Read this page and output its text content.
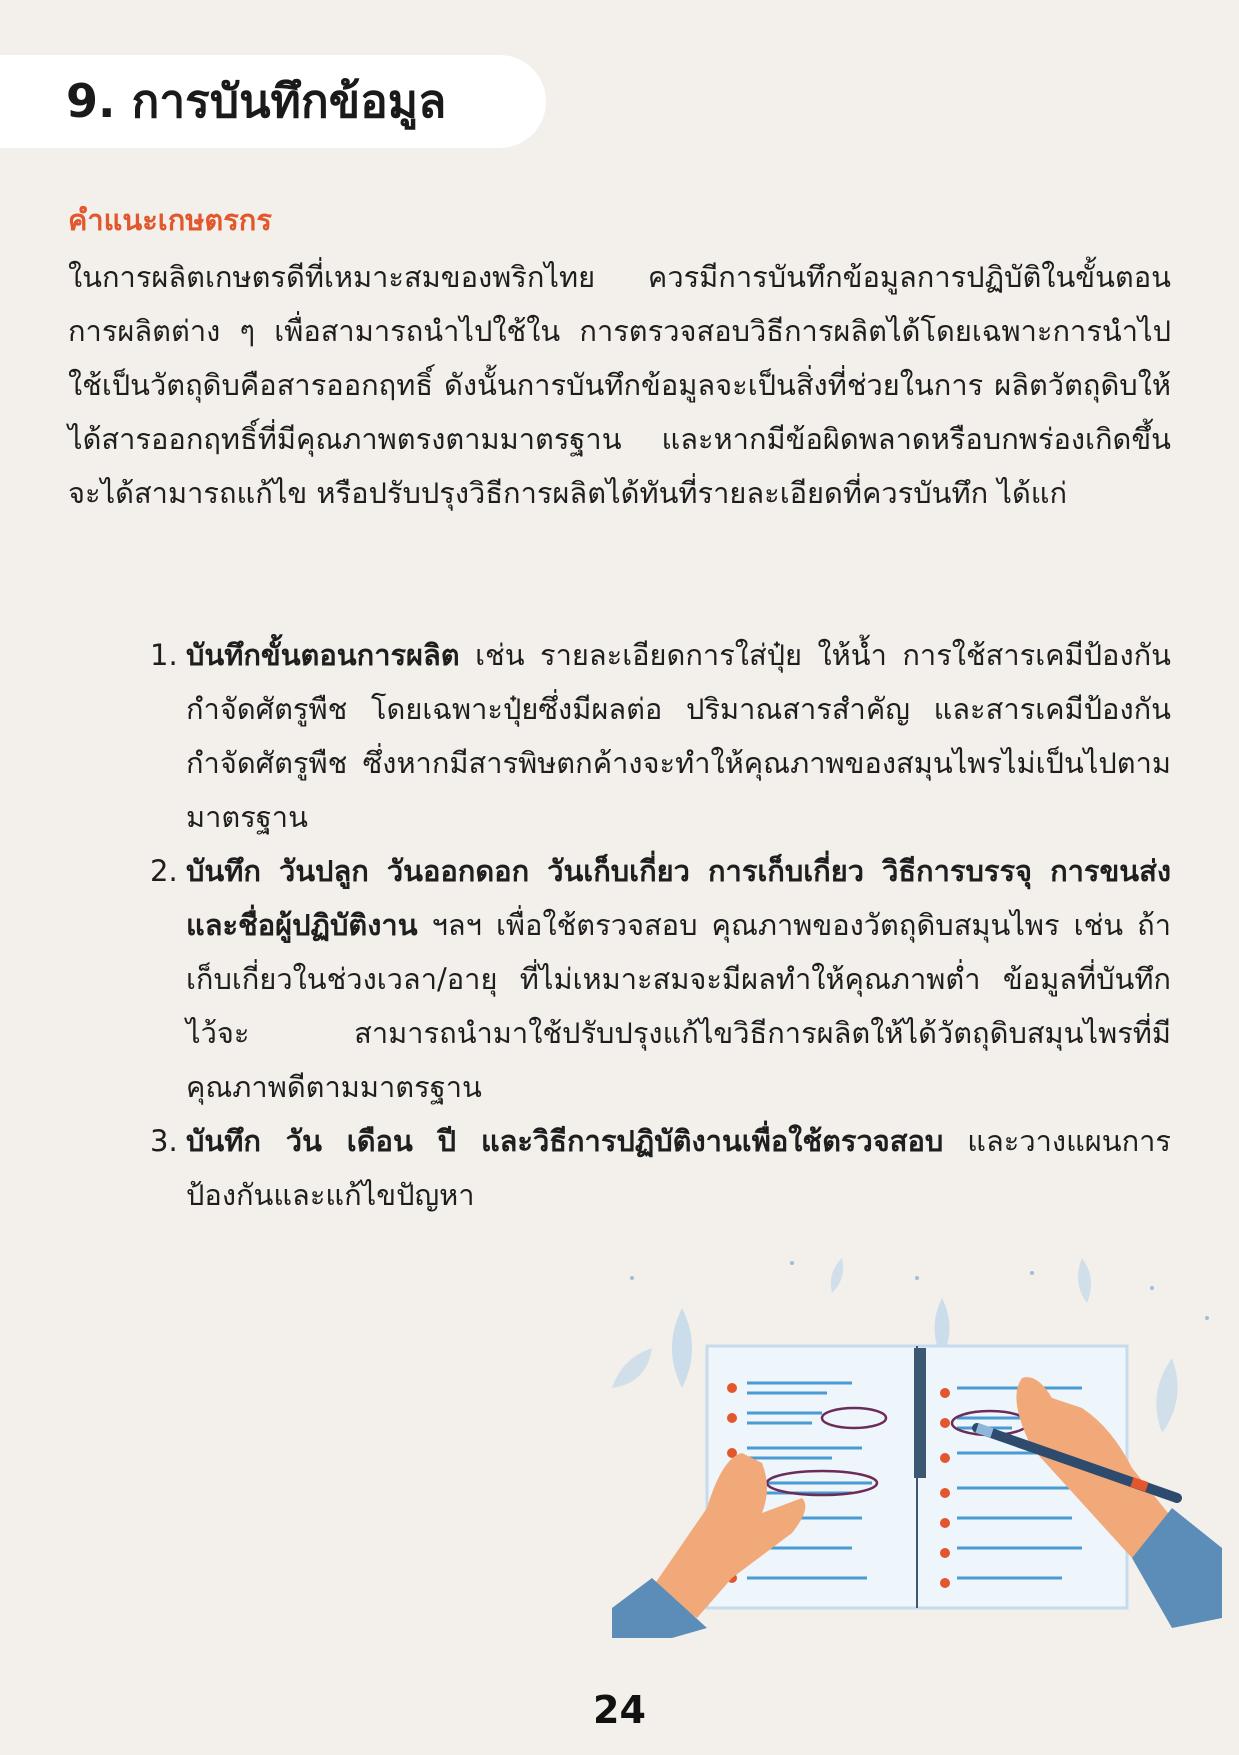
9. การบันทึกข้อมูล
คำแนะเกษตรกร

ในการผลิตเกษตรดีที่เหมาะสมของพริกไทย ควรมีการบันทึกข้อมูลการปฏิบัติในขั้นตอนการผลิตต่าง ๆ เพื่อสามารถนำไปใช้ใน การตรวจสอบวิธีการผลิตได้โดยเฉพาะการนำไปใช้เป็นวัตถุดิบคือสารออกฤทธิ์ ดังนั้นการบันทึกข้อมูลจะเป็นสิ่งที่ช่วยในการ ผลิตวัตถุดิบให้ได้สารออกฤทธิ์ที่มีคุณภาพตรงตามมาตรฐาน และหากมีข้อผิดพลาดหรือบกพร่องเกิดขึ้น จะได้สามารถแก้ไข หรือปรับปรุงวิธีการผลิตได้ทันที่รายละเอียดที่ควรบันทึก ได้แก่

1. บันทึกขั้นตอนการผลิต เช่น รายละเอียดการใส่ปุ๋ย ให้น้ำ การใช้สารเคมีป้องกันกำจัดศัตรูพืช โดยเฉพาะปุ๋ยซึ่งมีผลต่อ ปริมาณสารสำคัญ และสารเคมีป้องกันกำจัดศัตรูพืช ซึ่งหากมีสารพิษตกค้างจะทำให้คุณภาพของสมุนไพรไม่เป็นไปตาม มาตรฐาน
2. บันทึก วันปลูก วันออกดอก วันเก็บเกี่ยว การเก็บเกี่ยว วิธีการบรรจุ การขนส่ง และชื่อผู้ปฏิบัติงาน ฯลฯ เพื่อใช้ตรวจสอบ คุณภาพของวัตถุดิบสมุนไพร เช่น ถ้าเก็บเกี่ยวในช่วงเวลา/อายุ ที่ไม่เหมาะสมจะมีผลทำให้คุณภาพต่ำ ข้อมูลที่บันทึกไว้จะ สามารถนำมาใช้ปรับปรุงแก้ไขวิธีการผลิตให้ได้วัตถุดิบสมุนไพรที่มีคุณภาพดีตามมาตรฐาน
3. บันทึก วัน เดือน ปี และวิธีการปฏิบัติงานเพื่อใช้ตรวจสอบ และวางแผนการป้องกันและแก้ไขปัญหา
24
